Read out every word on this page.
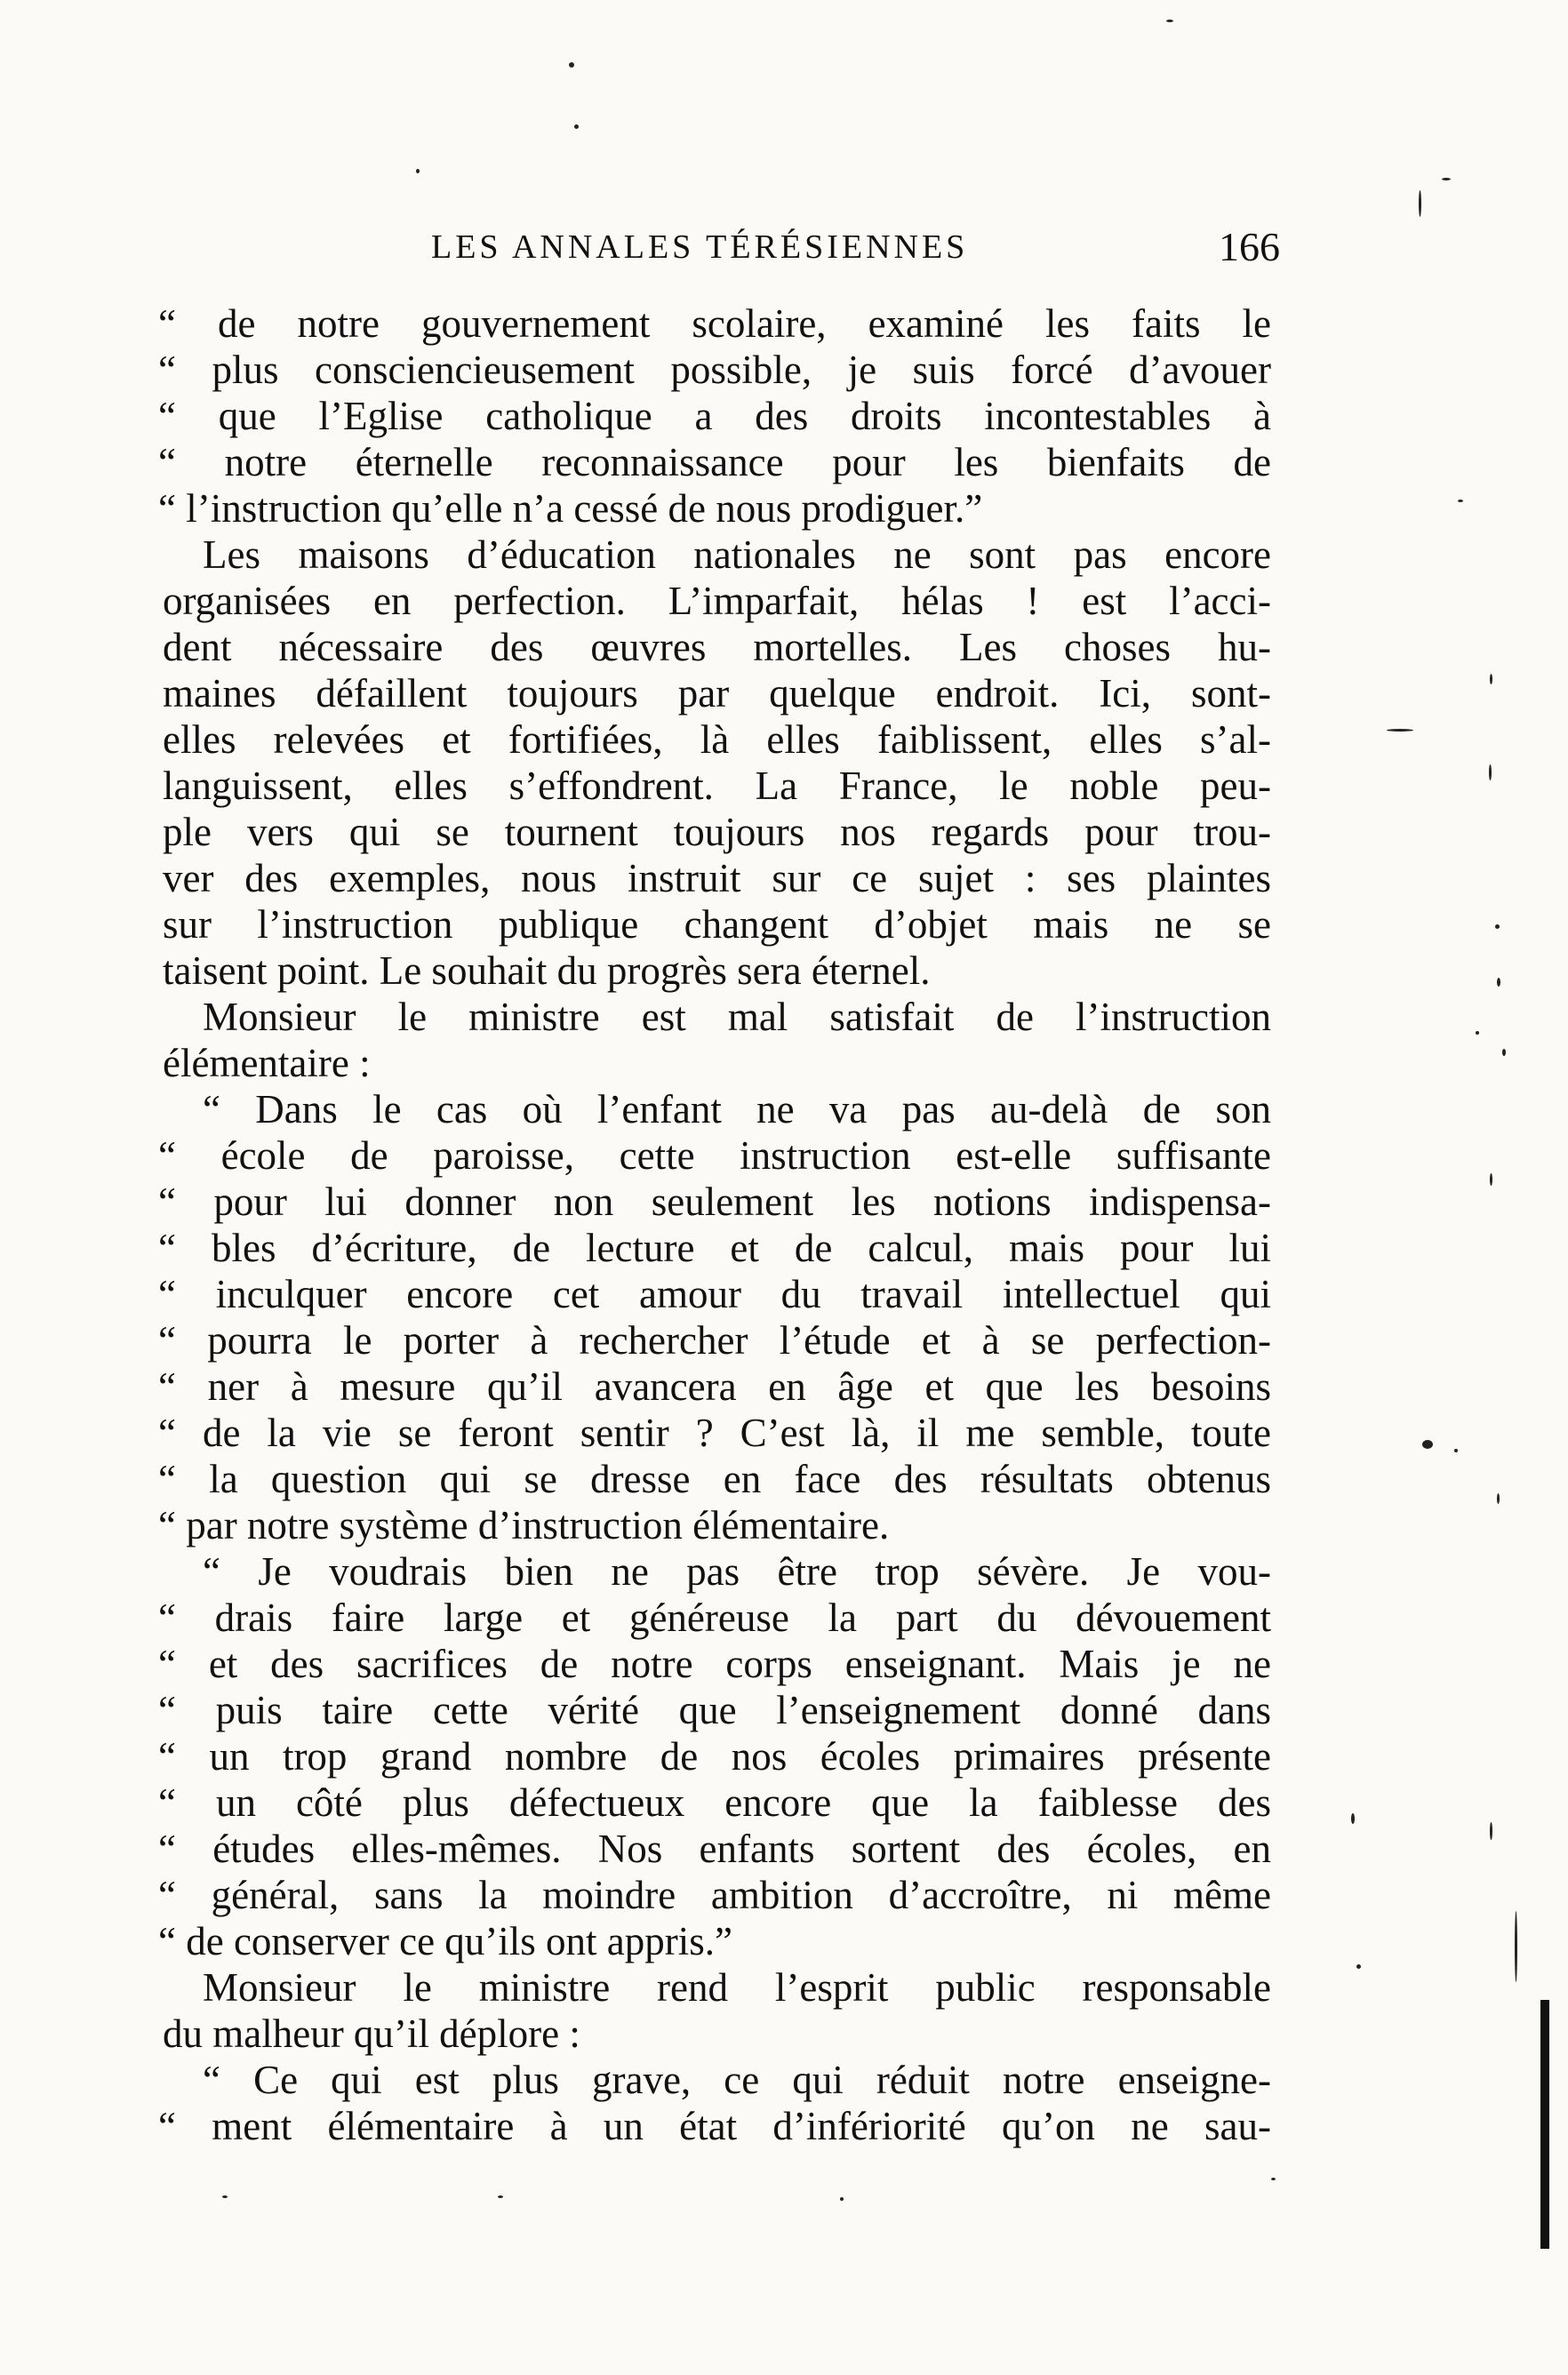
LES ANNALES TÉRÉSIENNES	166
“ de notre gouvernement scolaire, examiné les faits le
“ plus consciencieusement possible, je suis forcé d’avouer
“ que l’Eglise catholique a des droits incontestables à
“ notre éternelle reconnaissance pour les bienfaits de
“ l’instruction qu’elle n’a cessé de nous prodiguer.”
Les maisons d’éducation nationales ne sont pas encore
organisées en perfection. L’imparfait, hélas ! est l’acci-
dent nécessaire des œuvres mortelles. Les choses hu-
maines défaillent toujours par quelque endroit. Ici, sont-
elles relevées et fortifiées, là elles faiblissent, elles s’al-
languissent, elles s’effondrent. La France, le noble peu-
ple vers qui se tournent toujours nos regards pour trou-
ver des exemples, nous instruit sur ce sujet : ses plaintes
sur l’instruction publique changent d’objet mais ne se
taisent point. Le souhait du progrès sera éternel.
Monsieur le ministre est mal satisfait de l’instruction
élémentaire :
“ Dans le cas où l’enfant ne va pas au-delà de son
“ école de paroisse, cette instruction est-elle suffisante
“ pour lui donner non seulement les notions indispensa-
“ bles d’écriture, de lecture et de calcul, mais pour lui
“ inculquer encore cet amour du travail intellectuel qui
“ pourra le porter à rechercher l’étude et à se perfection-
“ ner à mesure qu’il avancera en âge et que les besoins
“ de la vie se feront sentir ? C’est là, il me semble, toute
“ la question qui se dresse en face des résultats obtenus
“ par notre système d’instruction élémentaire.
“ Je voudrais bien ne pas être trop sévère. Je vou-
“ drais faire large et généreuse la part du dévouement
“ et des sacrifices de notre corps enseignant. Mais je ne
“ puis taire cette vérité que l’enseignement donné dans
“ un trop grand nombre de nos écoles primaires présente
“ un côté plus défectueux encore que la faiblesse des
“ études elles-mêmes. Nos enfants sortent des écoles, en
“ général, sans la moindre ambition d’accroître, ni même
“ de conserver ce qu’ils ont appris.”
Monsieur le ministre rend l’esprit public responsable
du malheur qu’il déplore :
“ Ce qui est plus grave, ce qui réduit notre enseigne-
“ ment élémentaire à un état d’infériorité qu’on ne sau-
